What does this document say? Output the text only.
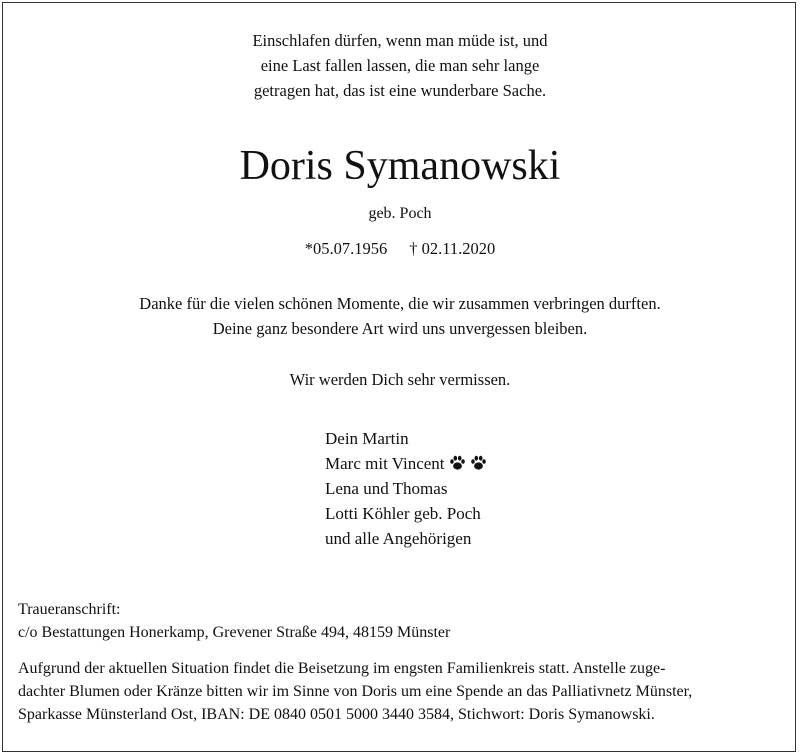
Einschlafen dürfen, wenn man müde ist, und
eine Last fallen lassen, die man sehr lange
getragen hat, das ist eine wunderbare Sache.
Doris Symanowski
geb. Poch
*05.07.1956 † 02.11.2020
Danke für die vielen schönen Momente, die wir zusammen verbringen durften.
Deine ganz besondere Art wird uns unvergessen bleiben.
Wir werden Dich sehr vermissen.
Dein Martin
Marc mit Vincent
Lena und Thomas
Lotti Köhler geb. Poch
und alle Angehörigen
Traueranschrift:
c/o Bestattungen Honerkamp, Grevener Straße 494, 48159 Münster
Aufgrund der aktuellen Situation findet die Beisetzung im engsten Familienkreis statt. Anstelle zuge-
dachter Blumen oder Kränze bitten wir im Sinne von Doris um eine Spende an das Palliativnetz Münster,
Sparkasse Münsterland Ost, IBAN: DE 0840 0501 5000 3440 3584, Stichwort: Doris Symanowski.
